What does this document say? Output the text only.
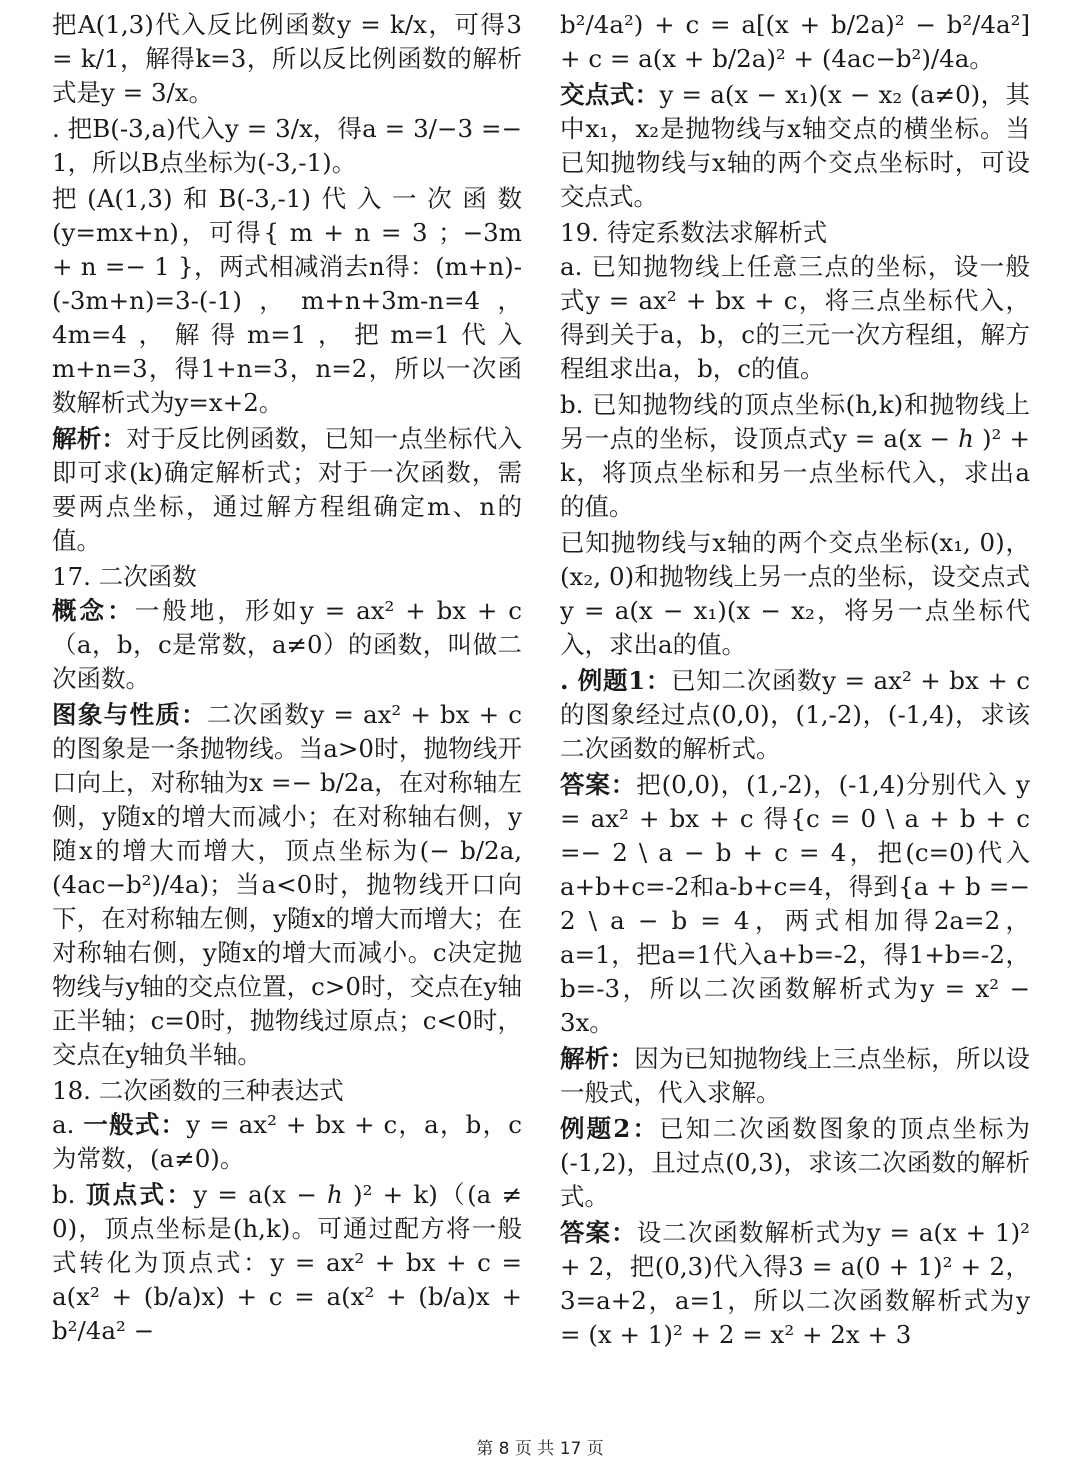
把A(1,3)代入反比例函数y = k/x，可得3 = k/1，解得k=3，所以反比例函数的解析式是y = 3/x。

. 把B(-3,a)代入y = 3/x，得a = 3/−3 =− 1，所以B点坐标为(-3,-1)。

把(A(1,3)和B(-3,-1)代入一次函数(y=mx+n)，可得{ m + n = 3 ；−3m + n =− 1 }，两式相减消去n得：(m+n)-(-3m+n)=3-(-1)，m+n+3m-n=4，4m=4，解得m=1，把m=1代入m+n=3，得1+n=3，n=2，所以一次函数解析式为y=x+2。

解析：对于反比例函数，已知一点坐标代入即可求(k)确定解析式；对于一次函数，需要两点坐标，通过解方程组确定m、n的值。

17. 二次函数

概念：一般地，形如y = ax² + bx + c（a，b，c是常数，a≠0）的函数，叫做二次函数。

图象与性质：二次函数y = ax² + bx + c的图象是一条抛物线。当a>0时，抛物线开口向上，对称轴为x =− b/2a，在对称轴左侧，y随x的增大而减小；在对称轴右侧，y随x的增大而增大，顶点坐标为(− b/2a, (4ac−b²)/4a)；当a<0时，抛物线开口向下，在对称轴左侧，y随x的增大而增大；在对称轴右侧，y随x的增大而减小。c决定抛物线与y轴的交点位置，c>0时，交点在y轴正半轴；c=0时，抛物线过原点；c<0时，交点在y轴负半轴。

18. 二次函数的三种表达式

a. 一般式：y = ax² + bx + c，a，b，c为常数，(a≠0)。

b. 顶点式：y = a(x − ℎ )² + k)（(a ≠ 0)，顶点坐标是(h,k)。可通过配方将一般式转化为顶点式：y = ax² + bx + c = a(x² + (b/a)x) + c = a(x² + (b/a)x + b²/4a² −

b²/4a²) + c = a[(x + b/2a)² − b²/4a²] + c = a(x + b/2a)² + (4ac−b²)/4a。

交点式：y = a(x − x₁)(x − x₂ (a≠0)，其中x₁，x₂是抛物线与x轴交点的横坐标。当已知抛物线与x轴的两个交点坐标时，可设交点式。

19. 待定系数法求解析式

a. 已知抛物线上任意三点的坐标，设一般式y = ax² + bx + c，将三点坐标代入，得到关于a，b，c的三元一次方程组，解方程组求出a，b，c的值。

b. 已知抛物线的顶点坐标(h,k)和抛物线上另一点的坐标，设顶点式y = a(x − ℎ )² + k，将顶点坐标和另一点坐标代入，求出a的值。

已知抛物线与x轴的两个交点坐标(x₁, 0)，(x₂, 0)和抛物线上另一点的坐标，设交点式y = a(x − x₁)(x − x₂，将另一点坐标代入，求出a的值。

. 例题1：已知二次函数y = ax² + bx + c的图象经过点(0,0)，(1,-2)，(-1,4)，求该二次函数的解析式。

答案：把(0,0)，(1,-2)，(-1,4)分别代入 y = ax² + bx + c 得{c = 0 \ a + b + c =− 2 \ a − b + c = 4，把(c=0)代入a+b+c=-2和a-b+c=4，得到{a + b =− 2 \ a − b = 4，两式相加得2a=2，a=1，把a=1代入a+b=-2，得1+b=-2，b=-3，所以二次函数解析式为y = x² − 3x。

解析：因为已知抛物线上三点坐标，所以设一般式，代入求解。

例题2：已知二次函数图象的顶点坐标为(-1,2)，且过点(0,3)，求该二次函数的解析式。

答案：设二次函数解析式为y = a(x + 1)² + 2，把(0,3)代入得3 = a(0 + 1)² + 2，3=a+2，a=1，所以二次函数解析式为y = (x + 1)² + 2 = x² + 2x + 3

第 8 页 共 17 页
